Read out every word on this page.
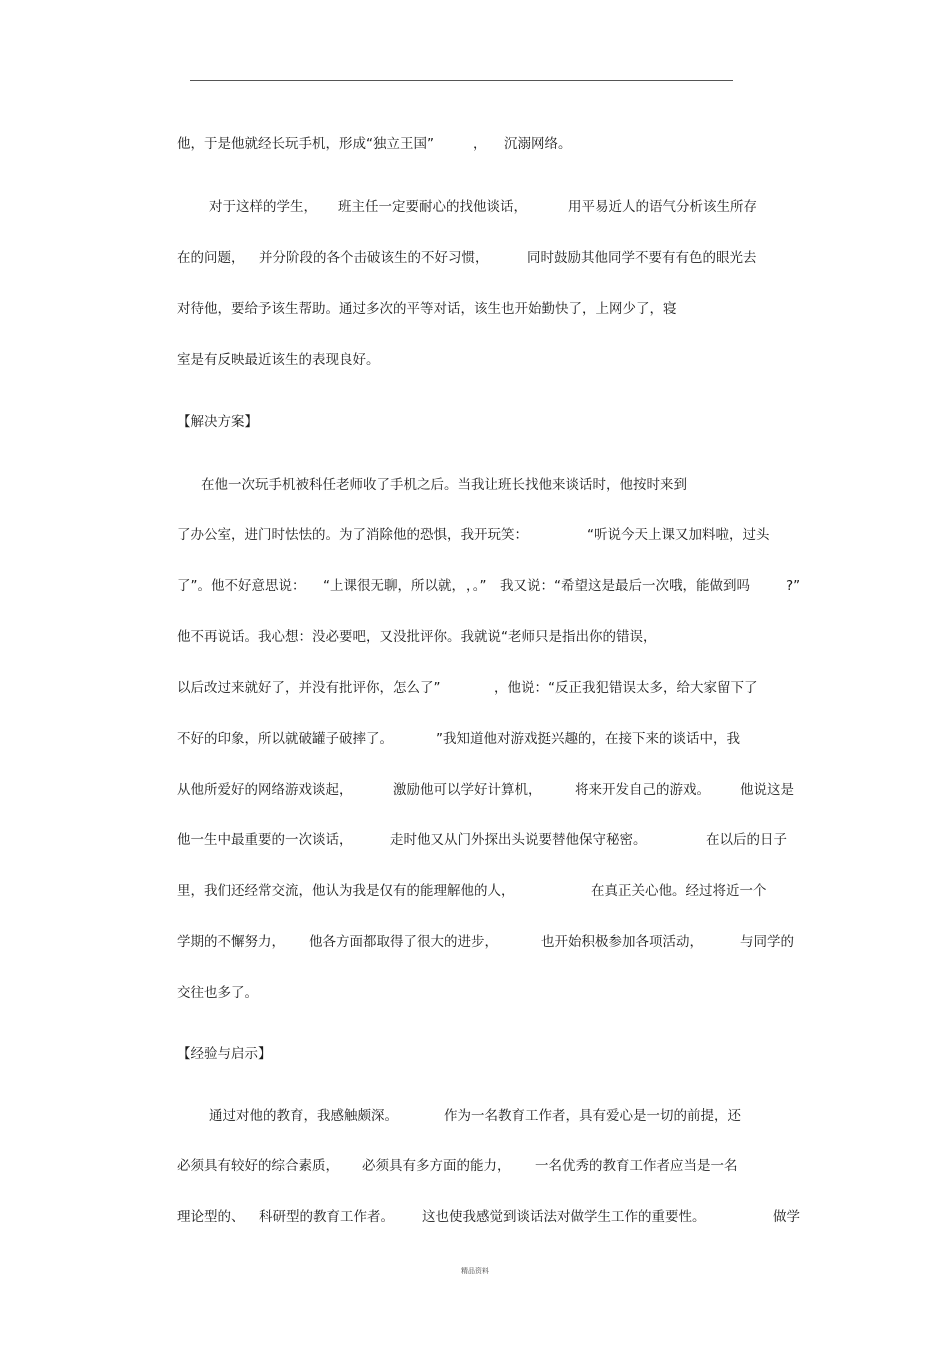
他，于是他就经长玩手机，形成“独立王国”	， 沉溺网络。
对于这样的学生， 班主任一定要耐心的找他谈话，	用平易近人的语气分析该生所存
在的问题， 并分阶段的各个击破该生的不好习惯，	同时鼓励其他同学不要有有色的眼光去
对待他，要给予该生帮助。通过多次的平等对话，该生也开始勤快了，上网少了，寝
室是有反映最近该生的表现良好。
【解决方案】
在他一次玩手机被科任老师收了手机之后。当我让班长找他来谈话时，他按时来到
了办公室，进门时怯怯的。为了消除他的恐惧，我开玩笑：	“听说今天上课又加料啦，过头
了”。他不好意思说： “上课很无聊，所以就， ，。” 我又说：“希望这是最后一次哦，能做到吗	?”
他不再说话。我心想：没必要吧，又没批评你。我就说“老师只是指出你的错误，
以后改过来就好了，并没有批评你，怎么了”	，他说：“反正我犯错误太多，给大家留下了
不好的印象，所以就破罐子破摔了。	”我知道他对游戏挺兴趣的，在接下来的谈话中，我
从他所爱好的网络游戏谈起，	激励他可以学好计算机， 将来开发自己的游戏。 他说这是
他一生中最重要的一次谈话，	走时他又从门外探出头说要替他保守秘密。	在以后的日子
里，我们还经常交流，他认为我是仅有的能理解他的人，	在真正关心他。经过将近一个
学期的不懈努力， 他各方面都取得了很大的进步，	也开始积极参加各项活动，	与同学的
交往也多了。
【经验与启示】
通过对他的教育，我感触颇深。	作为一名教育工作者，具有爱心是一切的前提，还
必须具有较好的综合素质， 必须具有多方面的能力， 一名优秀的教育工作者应当是一名
理论型的、 科研型的教育工作者。 这也使我感觉到谈话法对做学生工作的重要性。	做学
精品资料
